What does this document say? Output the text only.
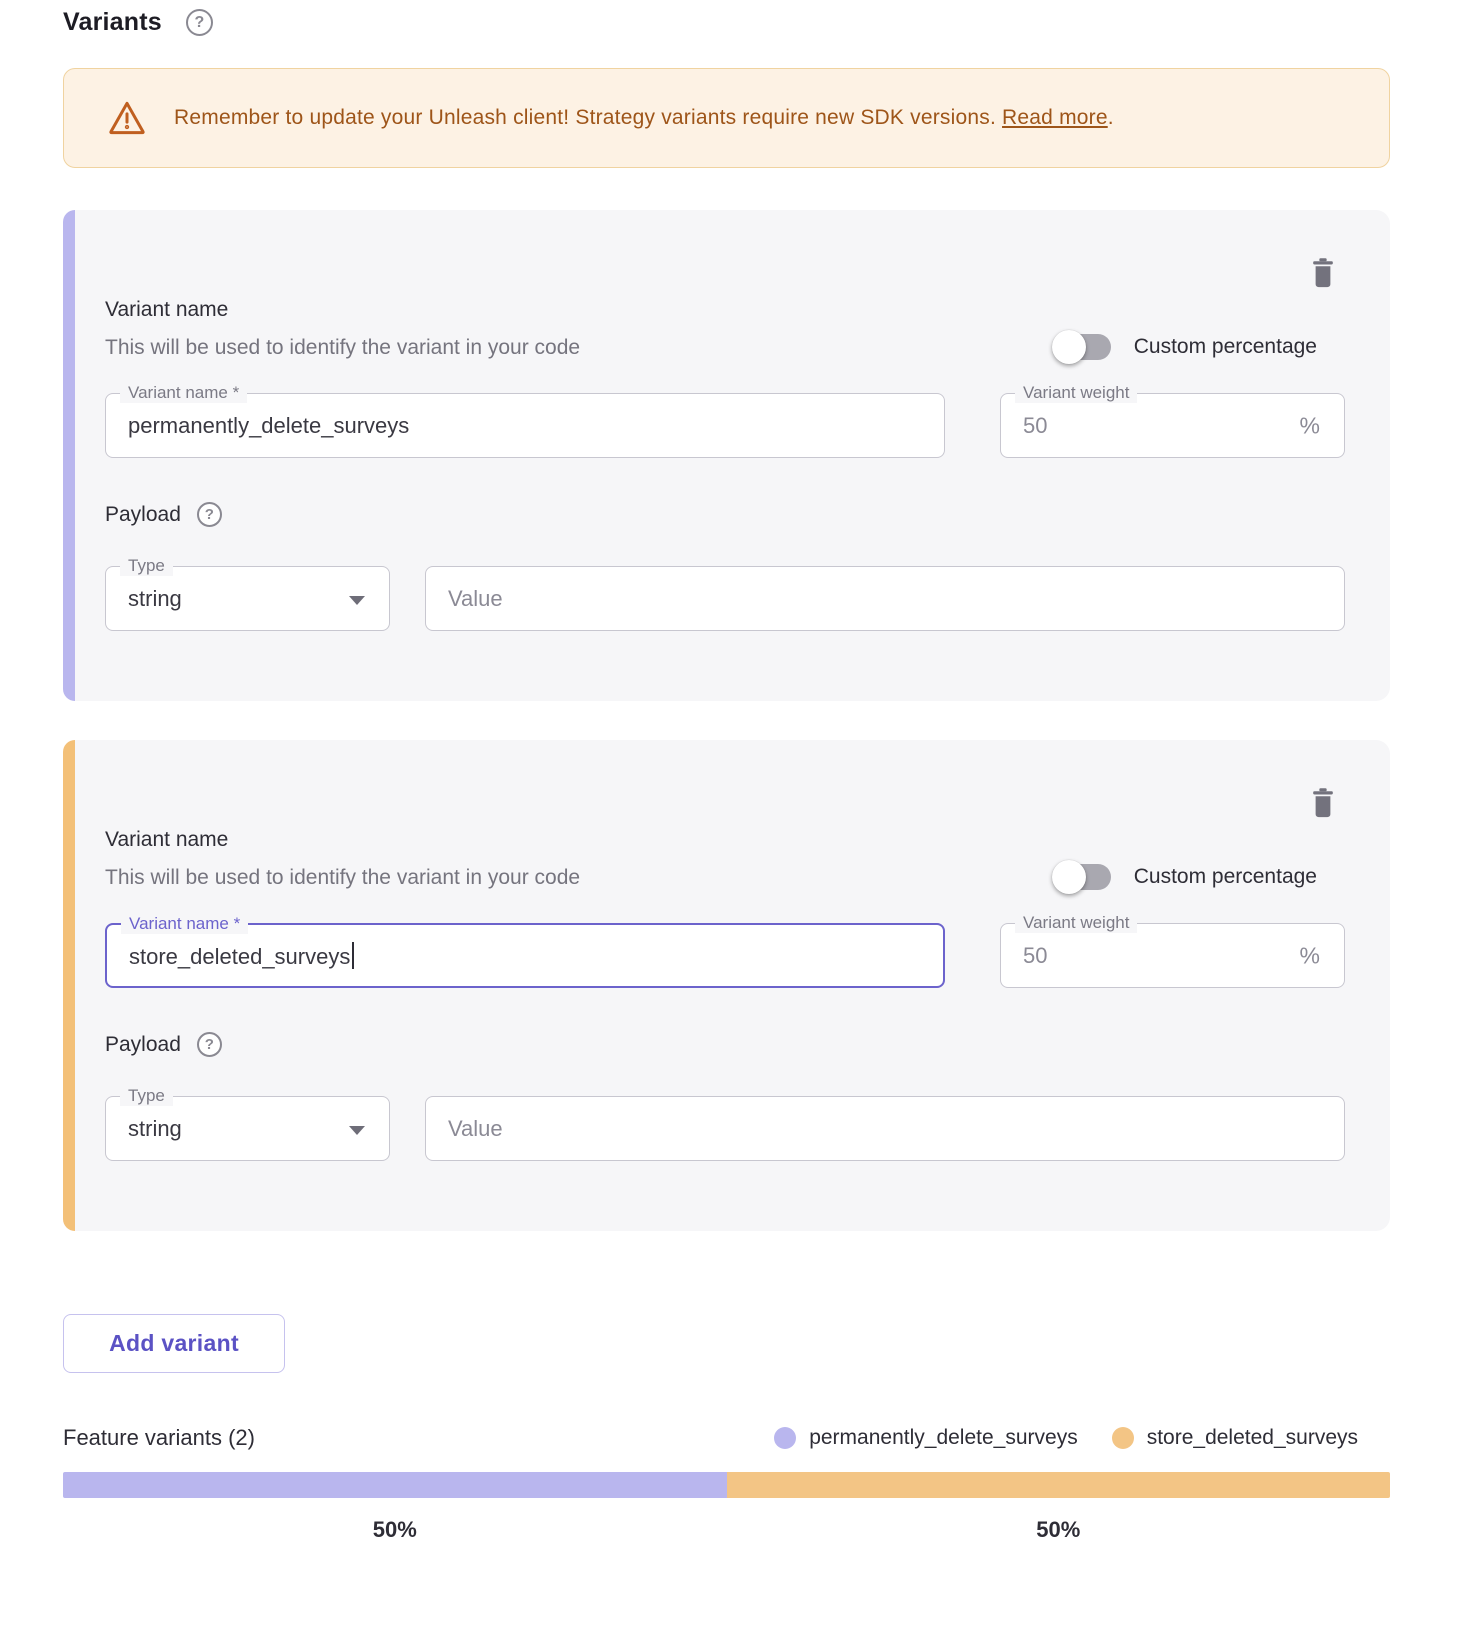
Variants	?
Remember to update your Unleash client! Strategy variants require new SDK versions. Read more.
Variant name
This will be used to identify the variant in your code	Custom percentage
Variant name *
permanently_delete_surveys
Variant weight
50	%
Payload	?
Type
string
Value
Variant name
This will be used to identify the variant in your code	Custom percentage
Variant name *
store_deleted_surveys
Variant weight
50	%
Payload	?
Type
string
Value
Add variant
Feature variants (2)	permanently_delete_surveys	store_deleted_surveys
50%	50%
